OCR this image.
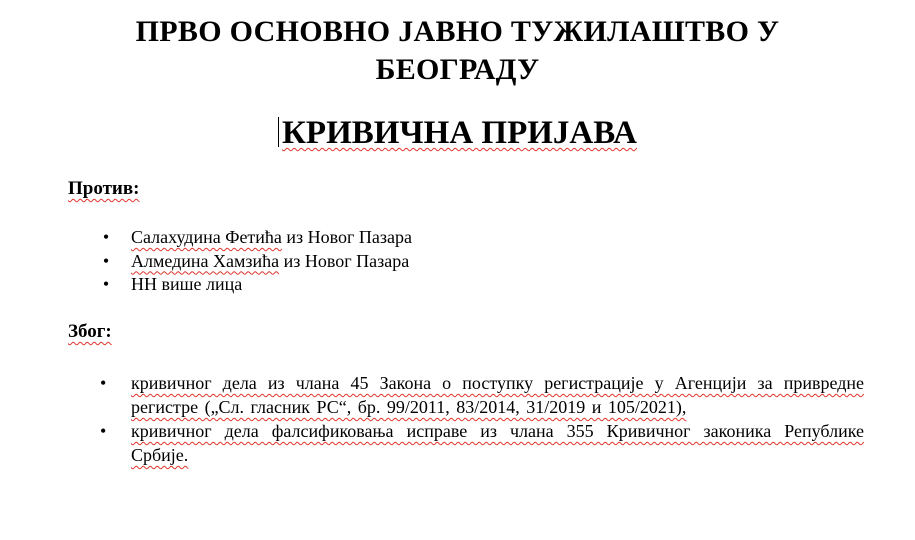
ПРВО ОСНОВНО ЈАВНО ТУЖИЛАШТВО У
БЕОГРАДУ
КРИВИЧНА ПРИЈАВА
Против:
• Салахудина Фетића из Новог Пазара
• Алмедина Хамзића из Новог Пазара
• НН више лица
Због:
•	кривичног дела из члана 45 Закона о поступку регистрације у Агенцији за привредне регистре („Сл. гласник РС“, бр. 99/2011, 83/2014, 31/2019 и 105/2021),
•	кривичног дела фалсификовања исправе из члана 355 Кривичног законика Републике Србије.
